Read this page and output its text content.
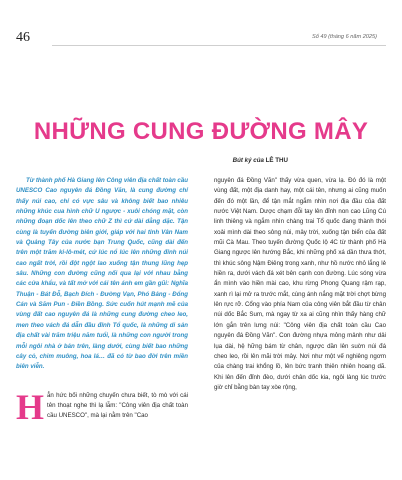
46	Số 49 (tháng 6 năm 2025)
NHỮNG CUNG ĐƯỜNG MÂY
Bút ký của LÊ THU

Từ thành phố Hà Giang lên Công viên địa chất toàn cầu UNESCO Cao nguyên đá Đồng Văn, là cung đường chỉ thấy núi cao, chỉ có vực sâu và không biết bao nhiêu những khúc cua hình chữ U ngược - xuôi chóng mặt, còn những đoạn dốc lên theo chữ Z thì cứ dài dằng dặc. Tận cùng là tuyến đường biên giới, giáp với hai tỉnh Vân Nam và Quảng Tây của nước bạn Trung Quốc, cũng dài đến trên một trăm ki-lô-mét, cứ lúc nổ lúc lên những đỉnh núi cao ngất trời, rồi đột ngột lao xuống tận thung lũng hẹp sâu. Những con đường cũng nối qua lại với nhau bằng các cửa khẩu, và tất mở với cái tên ánh em gần gũi: Nghĩa Thuận - Bát Đỗ, Bạch Đích - Đường Vạn, Phó Bảng - Đổng Cán và Săm Pun - Điền Bồng. Sức cuốn hút mạnh mẽ của vùng đất cao nguyên đá là những cung đường cheo leo, men theo vách đá dẫn đầu đỉnh Tổ quốc, là những di sản địa chất vài trăm triệu năm tuổi, là những con người trong mỗi ngôi nhà ở bản trên, làng dưới, cùng biết bao những cây cỏ, chim muông, hoa lá… đã có từ bao đời trên miền biên viễn.

Hẳn hức bối những chuyến chưa biết, tò mò với cái tên thoạt nghe thì lạ lẫm: "Công viên địa chất toàn cầu UNESCO", mà lại nằm trên "Cao

nguyên đá Đồng Văn" thấy vừa quen, vừa lạ. Đó đó là một vùng đất, một địa danh hay, một cái tên, nhưng ai cũng muốn đến đó một lần, để tận mắt ngắm nhìn nơi địa đầu của đất nước Việt Nam. Dược chạm đỗi tay lên đỉnh non cao Lũng Cú linh thiêng và ngắm nhìn chàng trai Tổ quốc đang thành thói xoải mình dài theo sông núi, mây trời, xuống tận biển của đất mũi Cà Mau. Theo tuyến đường Quốc lộ 4C từ thành phố Hà Giang ngược lên hướng Bắc, khi những phố xá dần thưa thớt, thì khúc sông Nậm Điêng trong xanh, như hồ nước nhỏ lắng lẻ hiền ra, dưới vách đá xét bên cạnh con đường. Lúc sóng vừa ẩn mình vào hiền mài cao, khu rừng Phong Quang rậm rạp, xanh rì lại mở ra trước mắt, cùng ánh nắng mặt trời chợt bừng lên rực rỡ. Cổng vào phía Nam của công viên bắt đầu từ chân núi dốc Bắc Sum, mà ngay từ xa ai cũng nhìn thấy hàng chữ lớn gắn trên lưng núi: "Công viên địa chất toàn cầu Cao nguyên đá Đồng Văn". Con đường nhựa mỏng mảnh như dải lụa dài, hệ hững bám từ chân, ngược dần lên suờn núi đá cheo leo, rồi lên mãi trời mây. Nơi như một vế nghiêng ngơm của chàng trai khổng lồ, lên bức tranh thiên nhiên hoang dã. Khi lên đến đỉnh đèo, dưới chân dốc kia, ngôi làng lúc trước giờ chỉ bằng bàn tay xòe rộng,
